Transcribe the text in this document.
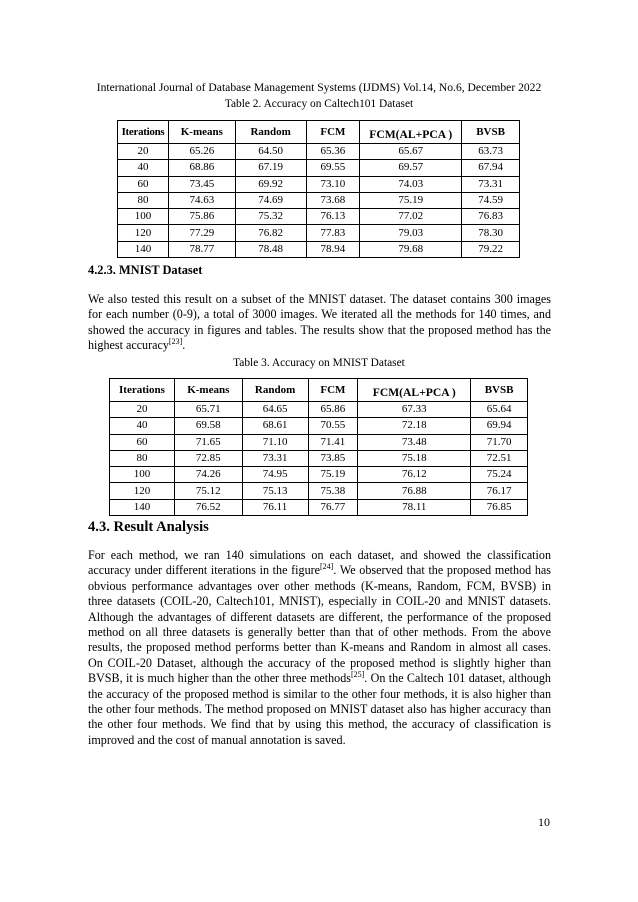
International Journal of Database Management Systems (IJDMS) Vol.14, No.6, December 2022
Table 2. Accuracy on Caltech101 Dataset
Iterations	K-means	Random	FCM	FCM(AL+PCA )	BVSB
20	65.26	64.50	65.36	65.67	63.73
40	68.86	67.19	69.55	69.57	67.94
60	73.45	69.92	73.10	74.03	73.31
80	74.63	74.69	73.68	75.19	74.59
100	75.86	75.32	76.13	77.02	76.83
120	77.29	76.82	77.83	79.03	78.30
140	78.77	78.48	78.94	79.68	79.22
4.2.3. MNIST Dataset

We also tested this result on a subset of the MNIST dataset. The dataset contains 300 images for each number (0-9), a total of 3000 images. We iterated all the methods for 140 times, and showed the accuracy in figures and tables. The results show that the proposed method has the highest accuracy[23].

Table 3. Accuracy on MNIST Dataset
Iterations	K-means	Random	FCM	FCM(AL+PCA )	BVSB
20	65.71	64.65	65.86	67.33	65.64
40	69.58	68.61	70.55	72.18	69.94
60	71.65	71.10	71.41	73.48	71.70
80	72.85	73.31	73.85	75.18	72.51
100	74.26	74.95	75.19	76.12	75.24
120	75.12	75.13	75.38	76.88	76.17
140	76.52	76.11	76.77	78.11	76.85
4.3. Result Analysis

For each method, we ran 140 simulations on each dataset, and showed the classification accuracy under different iterations in the figure[24]. We observed that the proposed method has obvious performance advantages over other methods (K-means, Random, FCM, BVSB) in three datasets (COIL-20, Caltech101, MNIST), especially in COIL-20 and MNIST datasets. Although the advantages of different datasets are different, the performance of the proposed method on all three datasets is generally better than that of other methods. From the above results, the proposed method performs better than K-means and Random in almost all cases. On COIL-20 Dataset, although the accuracy of the proposed method is slightly higher than BVSB, it is much higher than the other three methods[25]. On the Caltech 101 dataset, although the accuracy of the proposed method is similar to the other four methods, it is also higher than the other four methods. The method proposed on MNIST dataset also has higher accuracy than the other four methods. We find that by using this method, the accuracy of classification is improved and the cost of manual annotation is saved.

10
